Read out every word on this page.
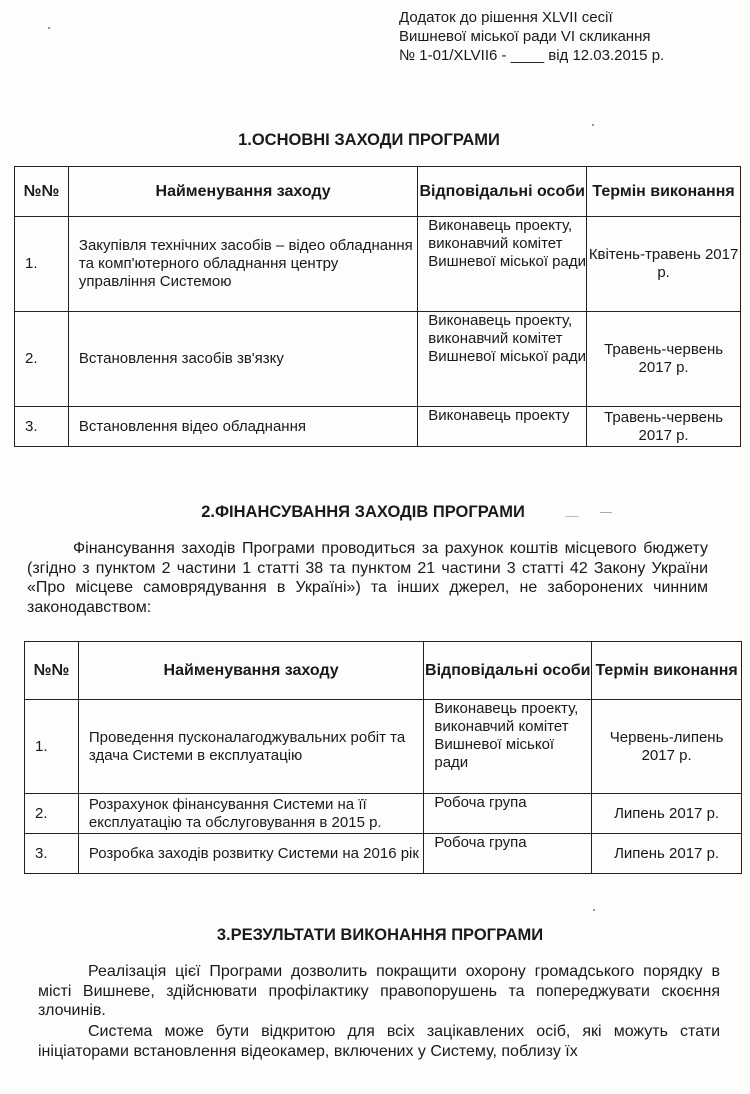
Додаток до рішення XLVII сесії
Вишневої міської ради VI скликання
№ 1-01/XLVII6 - ____ від 12.03.2015 р.
1.ОСНОВНІ ЗАХОДИ ПРОГРАМИ
№№	Найменування заходу	Відповідальні особи	Термін виконання
1.	Закупівля технічних засобів – відео обладнання та комп'ютерного обладнання центру управління Системою	Виконавець проекту, виконавчий комітет Вишневої міської ради	Квітень-травень 2017 р.
2.	Встановлення засобів зв'язку	Виконавець проекту, виконавчий комітет Вишневої міської ради	Травень-червень 2017 р.
3.	Встановлення відео обладнання	Виконавець проекту	Травень-червень 2017 р.
2.ФІНАНСУВАННЯ ЗАХОДІВ ПРОГРАМИ
Фінансування заходів Програми проводиться за рахунок коштів місцевого бюджету (згідно з пунктом 2 частини 1 статті 38 та пунктом 21 частини 3 статті 42 Закону України «Про місцеве самоврядування в Україні») та інших джерел, не заборонених чинним законодавством:
№№	Найменування заходу	Відповідальні особи	Термін виконання
1.	Проведення пусконалагоджувальних робіт та здача Системи в експлуатацію	Виконавець проекту, виконавчий комітет Вишневої міської ради	Червень-липень 2017 р.
2.	Розрахунок фінансування Системи на її експлуатацію та обслуговування в 2015 р.	Робоча група	Липень 2017 р.
3.	Розробка заходів розвитку Системи на 2016 рік	Робоча група	Липень 2017 р.
3.РЕЗУЛЬТАТИ ВИКОНАННЯ ПРОГРАМИ
Реалізація цієї Програми дозволить покращити охорону громадського порядку в місті Вишневе, здійснювати профілактику правопорушень та попереджувати скоєння злочинів.
Система може бути відкритою для всіх зацікавлених осіб, які можуть стати ініціаторами встановлення відеокамер, включених у Систему, поблизу їх
